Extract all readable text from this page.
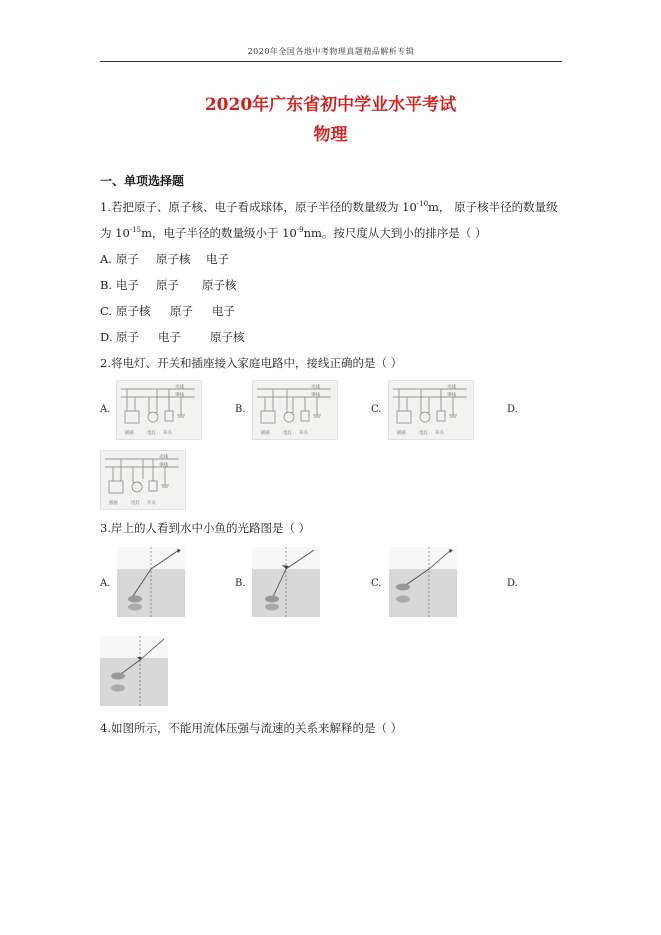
2020年全国各地中考物理真题精品解析专辑
2020年广东省初中学业水平考试
物理
一、单项选择题
1.若把原子、原子核、电子看成球体，原子半径的数量级为 $10^{-10}m$， 原子核半径的数量级
为 $10^{-15}m$，电子半径的数量级小于 $10^{-9}nm$。按尺度从大到小的排序是（ ）
A. 原子 原子核 电子
B. 电子 原子 原子核
C. 原子核 原子 电子
D. 原子 电子	原子核
2.将电灯、开关和插座接入家庭电路中，接线正确的是（ ）
A.	B.	C.	D.
火线
零线
插座	电灯 开关
火线
零线
插座	电灯 开关
火线
零线
插座	电灯 开关
火线
零线
插座	电灯 开关
3.岸上的人看到水中小鱼的光路图是（ ）
A.	B.	C.	D.
4.如图所示，不能用流体压强与流速的关系来解释的是（ ）
